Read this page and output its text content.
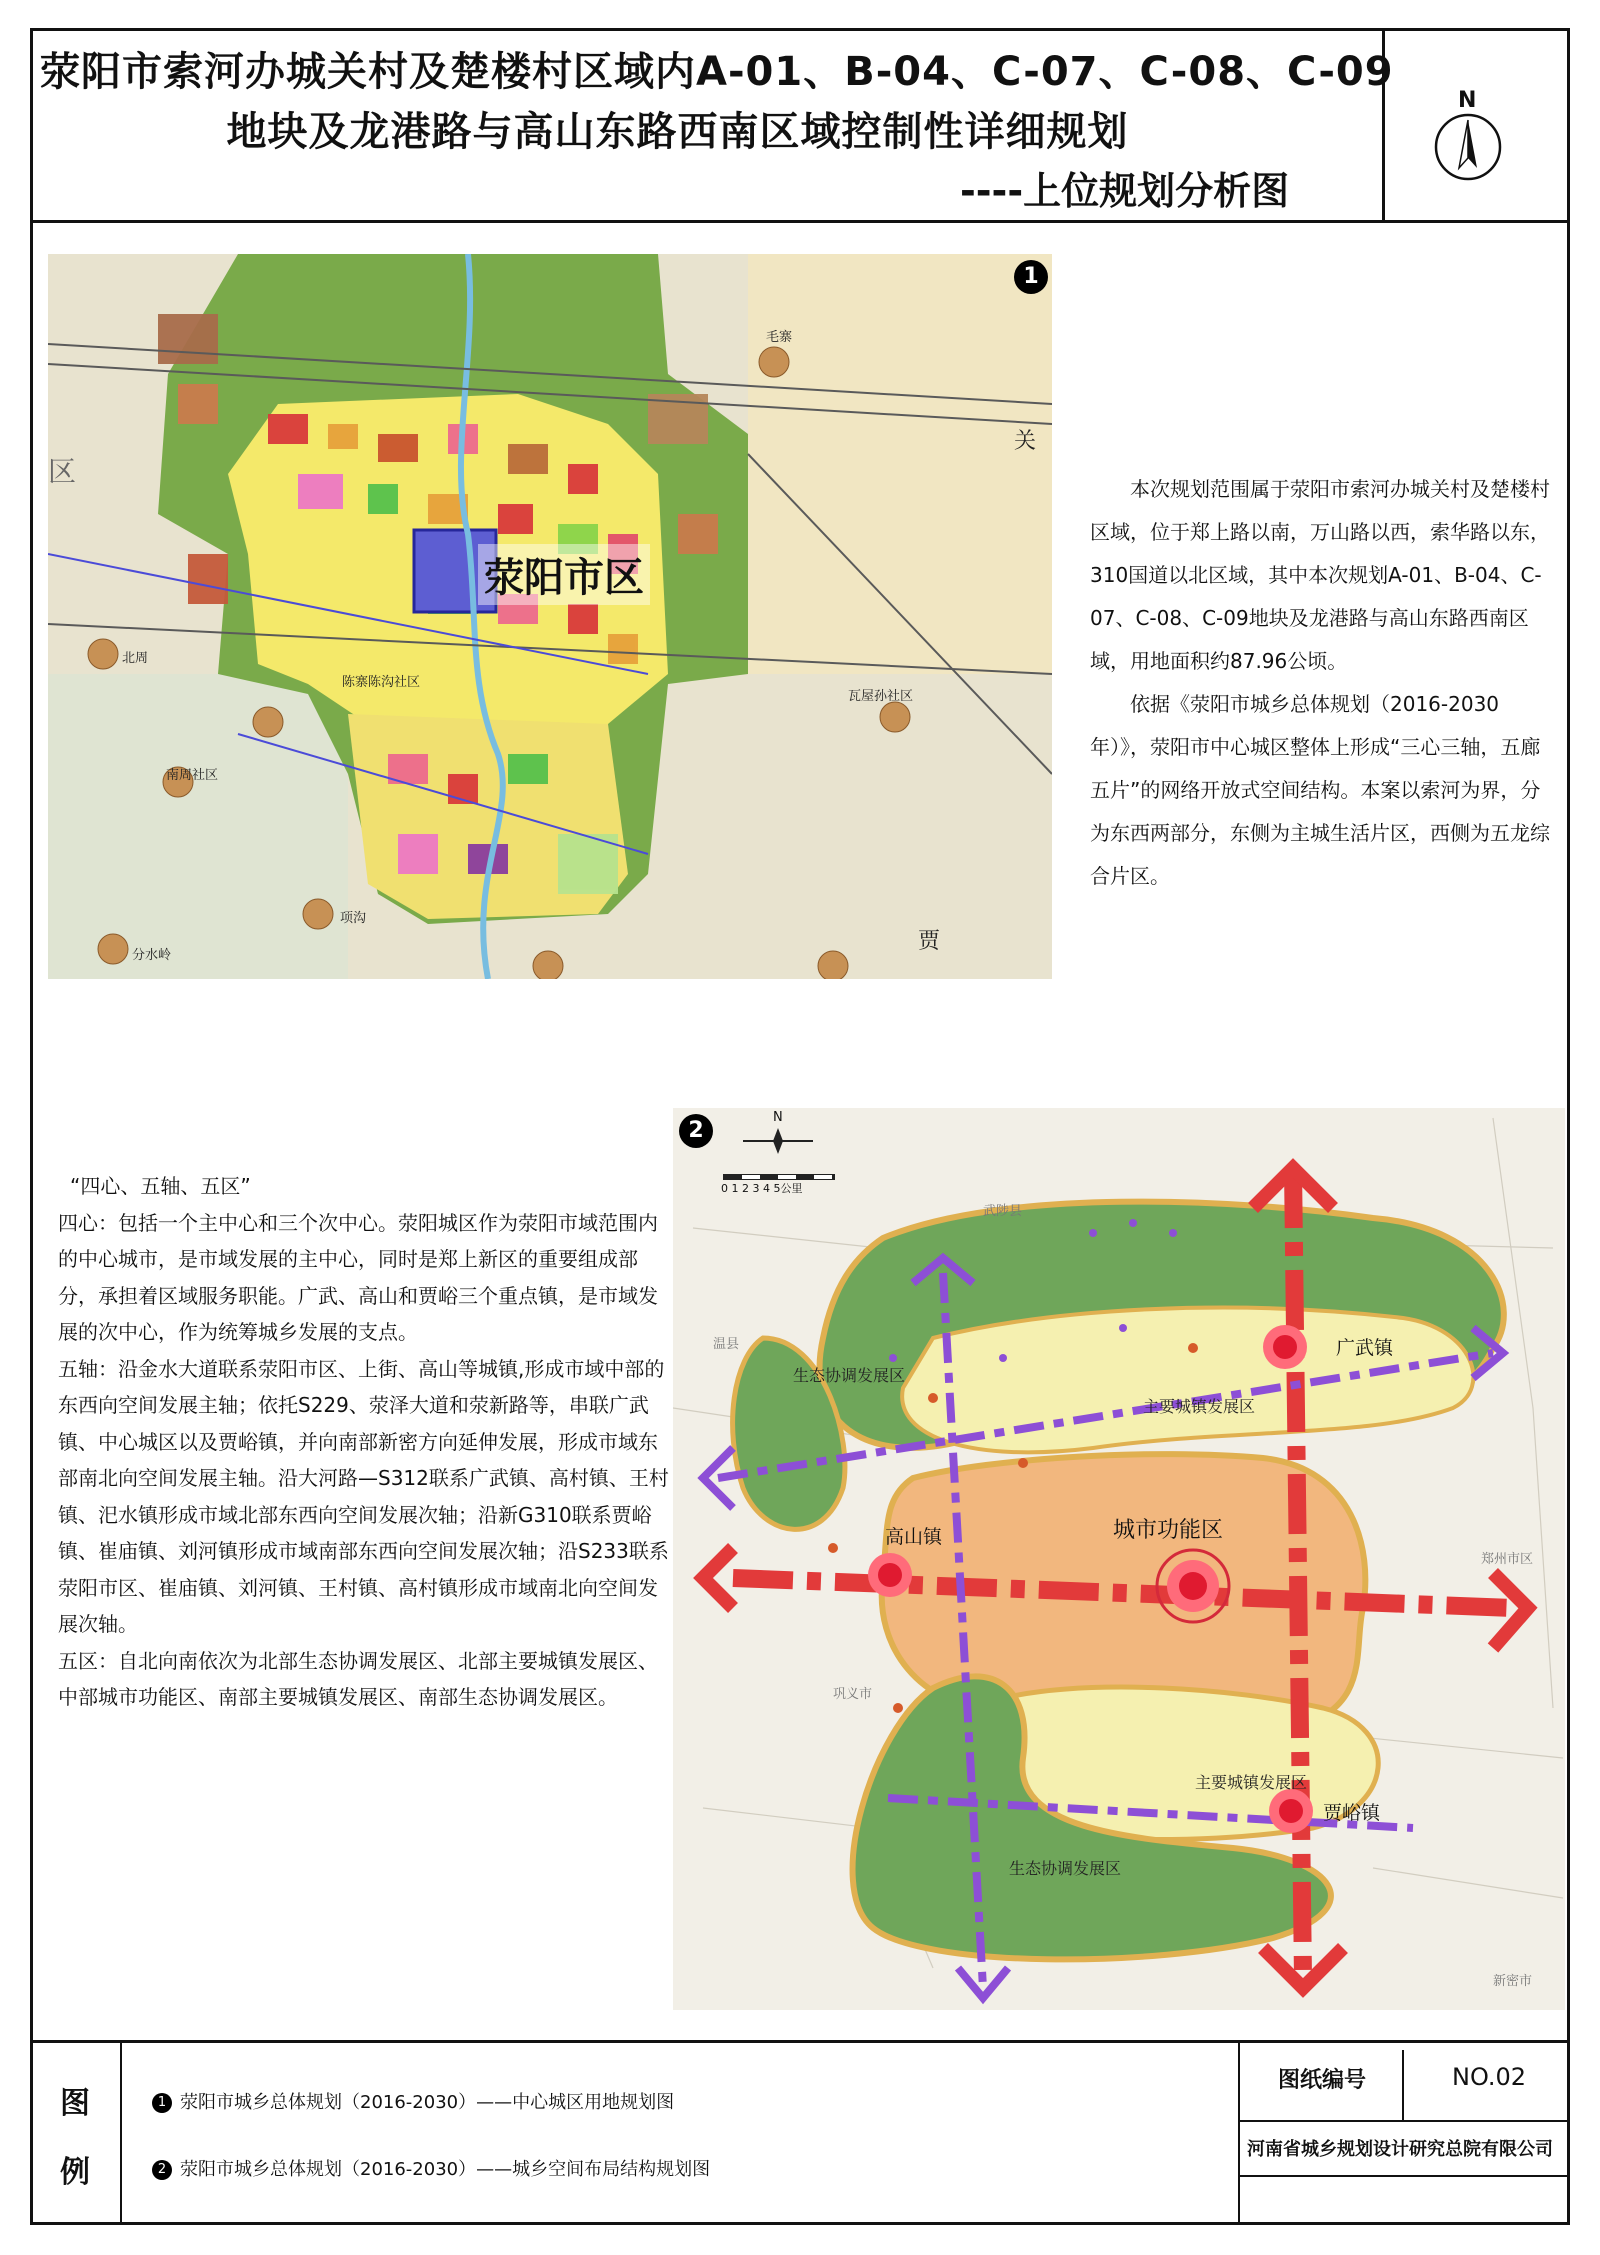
荥阳市索河办城关村及楚楼村区域内A-01、B-04、C-07、C-08、C-09
地块及龙港路与高山东路西南区域控制性详细规划
----上位规划分析图
N
1
荥阳市区
毛寨
北周
陈寨陈沟社区
瓦屋孙社区
南周社区
项沟
分水岭
贾
关
区

本次规划范围属于荥阳市索河办城关村及楚楼村区域，位于郑上路以南，万山路以西，索华路以东，310国道以北区域，其中本次规划A-01、B-04、C-07、C-08、C-09地块及龙港路与高山东路西南区域，用地面积约87.96公顷。

依据《荥阳市城乡总体规划（2016-2030年）》，荥阳市中心城区整体上形成“三心三轴，五廊五片”的网络开放式空间结构。本案以索河为界，分为东西两部分，东侧为主城生活片区，西侧为五龙综合片区。

2
N
0 1 2 3 4 5公里
生态协调发展区
主要城镇发展区
城市功能区
主要城镇发展区
生态协调发展区
广武镇
高山镇
贾峪镇
武陟县
温县
郑州市区
巩义市
新密市

“四心、五轴、五区”

四心：包括一个主中心和三个次中心。荥阳城区作为荥阳市域范围内的中心城市，是市域发展的主中心，同时是郑上新区的重要组成部分，承担着区域服务职能。广武、高山和贾峪三个重点镇，是市域发展的次中心，作为统筹城乡发展的支点。

五轴：沿金水大道联系荥阳市区、上街、高山等城镇,形成市域中部的东西向空间发展主轴；依托S229、荥泽大道和荥新路等，串联广武镇、中心城区以及贾峪镇，并向南部新密方向延伸发展，形成市域东部南北向空间发展主轴。沿大河路—S312联系广武镇、高村镇、王村镇、汜水镇形成市域北部东西向空间发展次轴；沿新G310联系贾峪镇、崔庙镇、刘河镇形成市域南部东西向空间发展次轴；沿S233联系荥阳市区、崔庙镇、刘河镇、王村镇、高村镇形成市域南北向空间发展次轴。

五区：自北向南依次为北部生态协调发展区、北部主要城镇发展区、中部城市功能区、南部主要城镇发展区、南部生态协调发展区。

图
例
1 荥阳市城乡总体规划（2016-2030）——中心城区用地规划图
2 荥阳市城乡总体规划（2016-2030）——城乡空间布局结构规划图
图纸编号	NO.02
河南省城乡规划设计研究总院有限公司
